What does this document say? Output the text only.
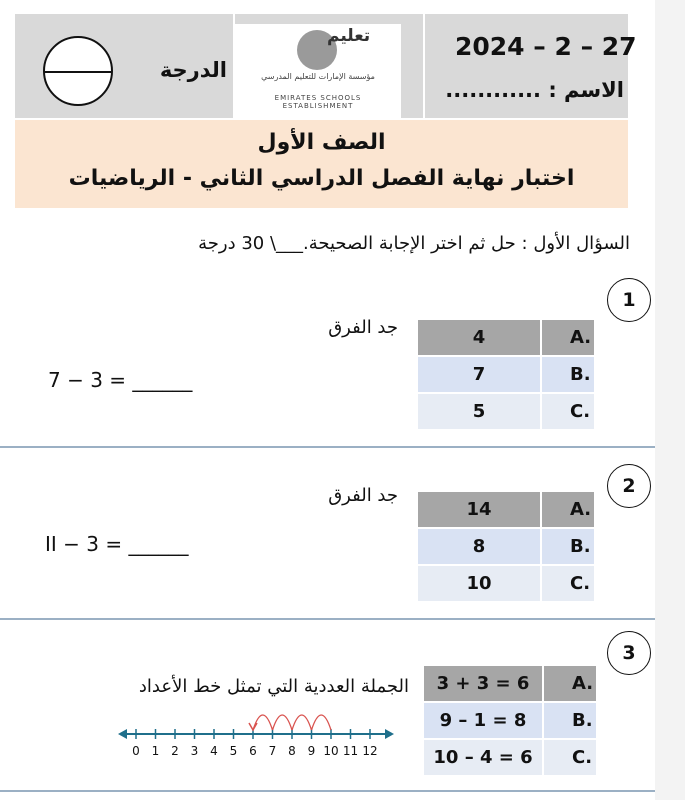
الدرجة
تعليم
مؤسسة الإمارات للتعليم المدرسي
EMIRATES SCHOOLS
ESTABLISHMENT
2024 – 2 – 27
الاسم : ............
الصف الأول
اختبار نهاية الفصل الدراسي الثاني - الرياضيات
السؤال الأول : حل ثم اختر الإجابة الصحيحة.___\ 30 درجة
1
جد الفرق
7 − 3 = ______
4	A.
7	B.
5	C.
2
جد الفرق
II − 3 = ______
14	A.
8	B.
10	C.
3
الجملة العددية التي تمثل خط الأعداد
0 1 2 3 4 5 6 7 8 9 10 11 12
3 + 3 = 6	A.
9 – 1 = 8	B.
10 – 4 = 6	C.
